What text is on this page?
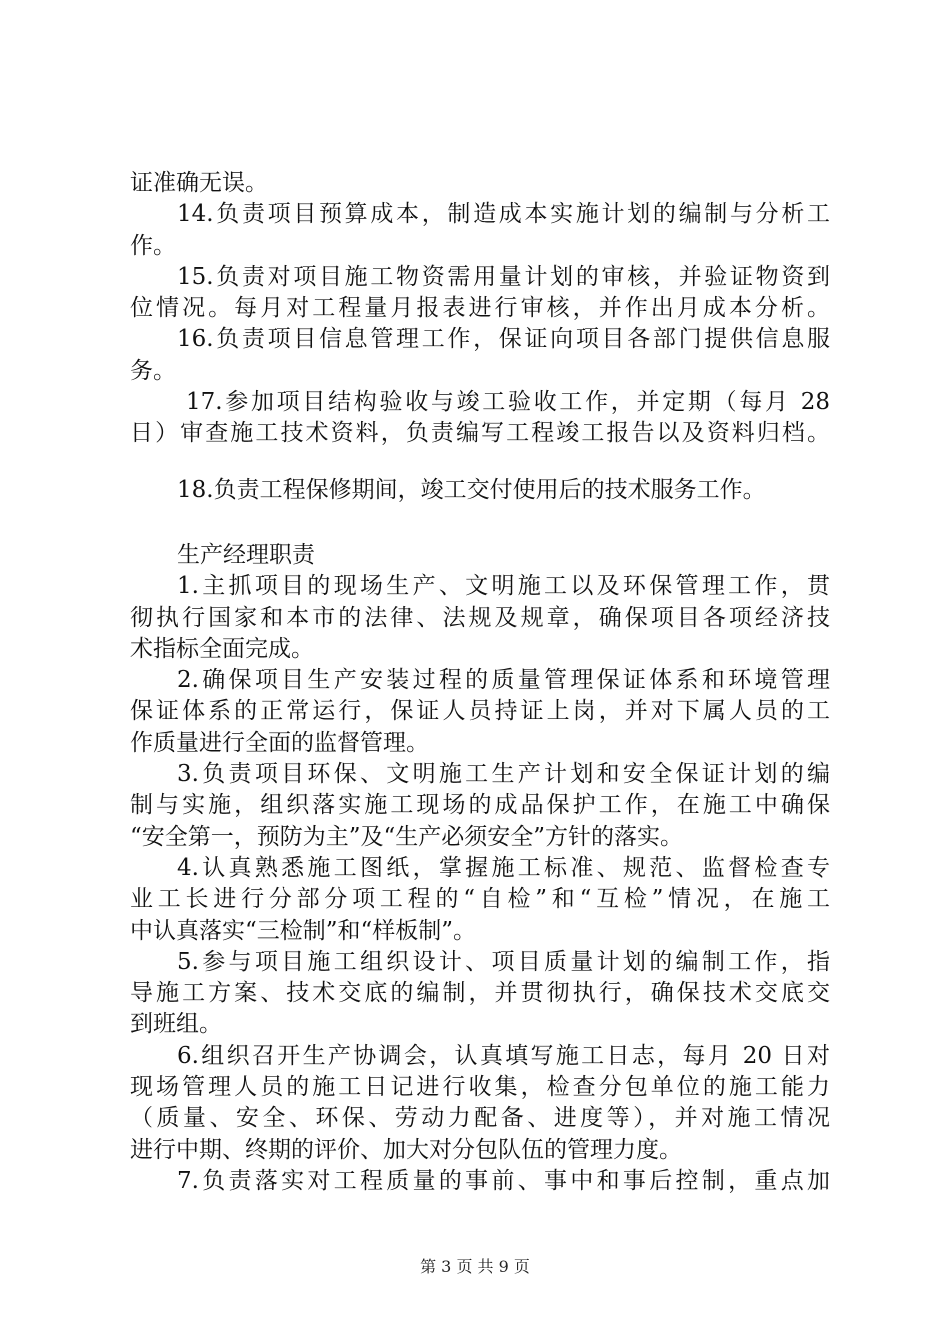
证准确无误。
14.负责项目预算成本，制造成本实施计划的编制与分析工
作。
15.负责对项目施工物资需用量计划的审核，并验证物资到
位情况。每月对工程量月报表进行审核，并作出月成本分析。
16.负责项目信息管理工作，保证向项目各部门提供信息服
务。
17.参加项目结构验收与竣工验收工作，并定期（每月 28
日）审查施工技术资料，负责编写工程竣工报告以及资料归档。
18.负责工程保修期间，竣工交付使用后的技术服务工作。
生产经理职责
1.主抓项目的现场生产、文明施工以及环保管理工作，贯
彻执行国家和本市的法律、法规及规章，确保项目各项经济技
术指标全面完成。
2.确保项目生产安装过程的质量管理保证体系和环境管理
保证体系的正常运行，保证人员持证上岗，并对下属人员的工
作质量进行全面的监督管理。
3.负责项目环保、文明施工生产计划和安全保证计划的编
制与实施，组织落实施工现场的成品保护工作，在施工中确保
“安全第一，预防为主”及“生产必须安全”方针的落实。
4.认真熟悉施工图纸，掌握施工标准、规范、监督检查专
业工长进行分部分项工程的“自检”和“互检”情况，在施工
中认真落实“三检制”和“样板制”。
5.参与项目施工组织设计、项目质量计划的编制工作，指
导施工方案、技术交底的编制，并贯彻执行，确保技术交底交
到班组。
6.组织召开生产协调会，认真填写施工日志，每月 20 日对
现场管理人员的施工日记进行收集，检查分包单位的施工能力
（质量、安全、环保、劳动力配备、进度等），并对施工情况
进行中期、终期的评价、加大对分包队伍的管理力度。
7.负责落实对工程质量的事前、事中和事后控制，重点加
第 3 页 共 9 页
